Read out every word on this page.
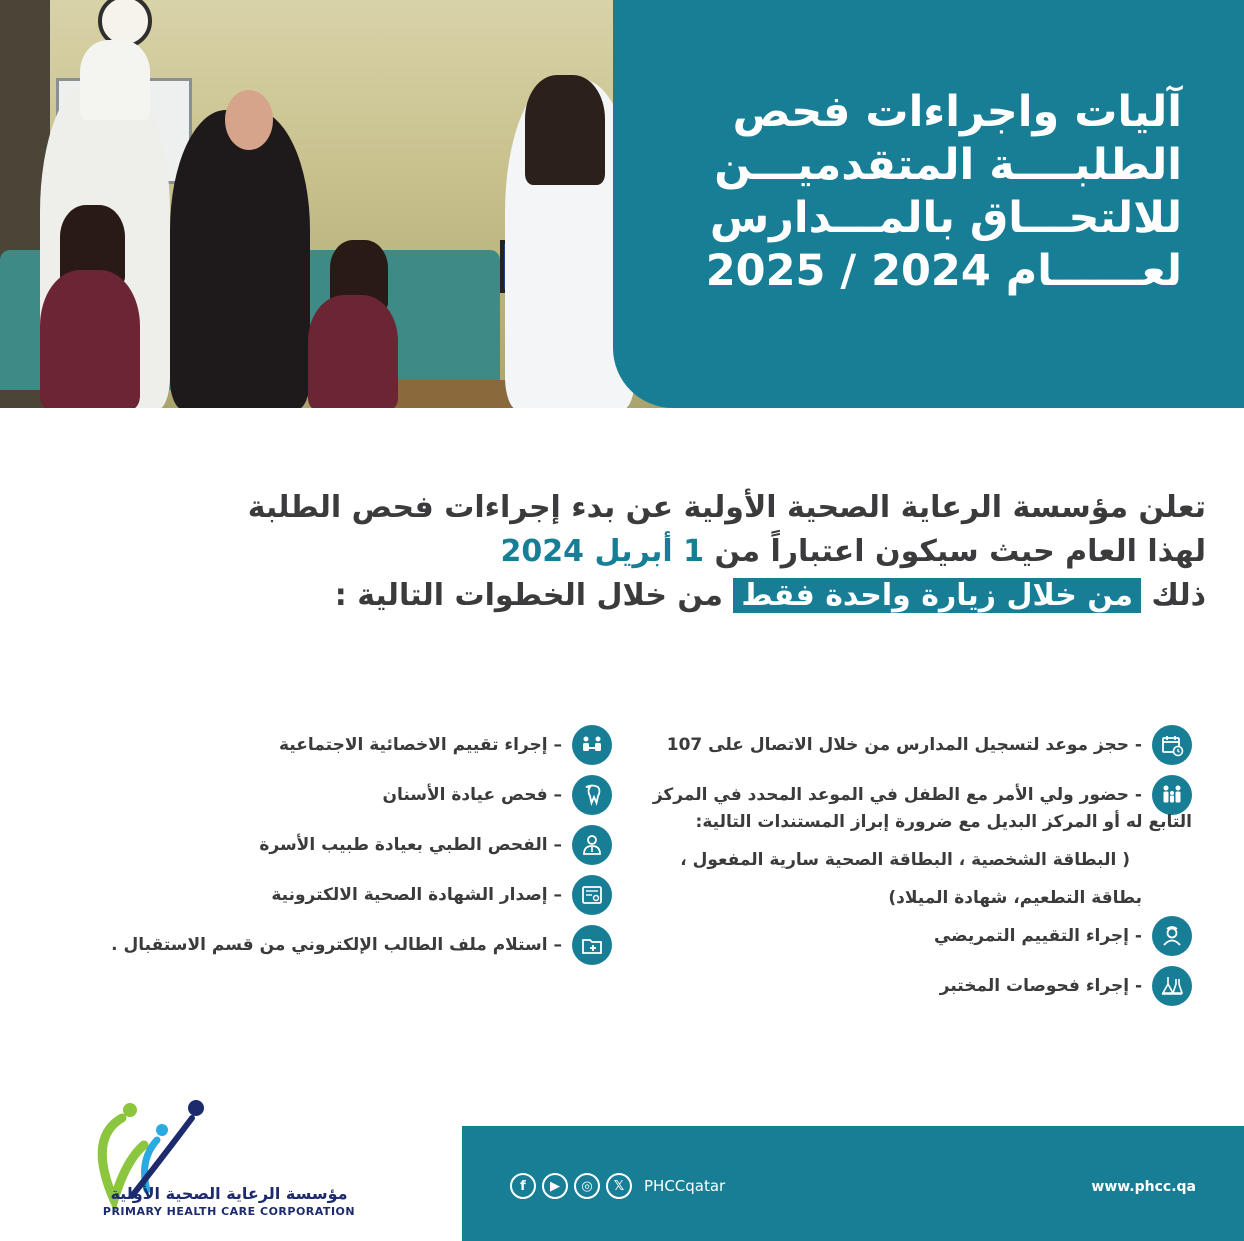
آليات واجراءات فحص
الطلبــــة المتقدميـــن
للالتحـــاق بالمـــدارس
لعــــــام 2024 / 2025
تعلن مؤسسة الرعاية الصحية الأولية عن بدء إجراءات فحص الطلبة
لهذا العام حيث سيكون اعتباراً من 1 أبريل 2024
ذلك من خلال زيارة واحدة فقط من خلال الخطوات التالية :
- حجز موعد لتسجيل المدارس من خلال الاتصال على 107
- حضور ولي الأمر مع الطفل في الموعد المحدد في المركز
التابع له أو المركز البديل مع ضرورة إبراز المستندات التالية:
( البطاقة الشخصية ، البطاقة الصحية سارية المفعول ،
بطاقة التطعيم، شهادة الميلاد)
- إجراء التقييم التمريضي
- إجراء فحوصات المختبر
– إجراء تقييم الاخصائية الاجتماعية
– فحص عيادة الأسنان
– الفحص الطبي بعيادة طبيب الأسرة
– إصدار الشهادة الصحية الالكترونية
– استلام ملف الطالب الإلكتروني من قسم الاستقبال .
مؤسسة الرعاية الصحية الأولية
PRIMARY HEALTH CARE CORPORATION
f	▶	◎	𝕏	PHCCqatar	www.phcc.qa
